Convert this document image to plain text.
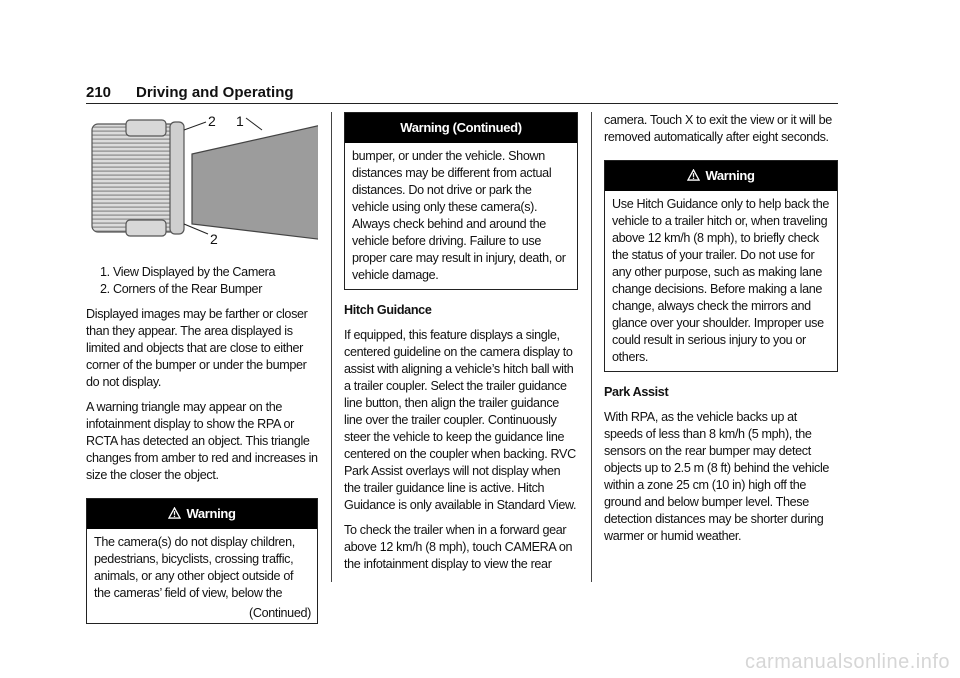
210 Driving and Operating
2 1
2
1. View Displayed by the Camera
2. Corners of the Rear Bumper

Displayed images may be farther or closer than they appear. The area displayed is limited and objects that are close to either corner of the bumper or under the bumper do not display.

A warning triangle may appear on the infotainment display to show the RPA or RCTA has detected an object. This triangle changes from amber to red and increases in size the closer the object.

Warning
The camera(s) do not display children, pedestrians, bicyclists, crossing traffic, animals, or any other object outside of the cameras’ field of view, below the
(Continued)
Warning (Continued)
bumper, or under the vehicle. Shown distances may be different from actual distances. Do not drive or park the vehicle using only these camera(s). Always check behind and around the vehicle before driving. Failure to use proper care may result in injury, death, or vehicle damage.
Hitch Guidance

If equipped, this feature displays a single, centered guideline on the camera display to assist with aligning a vehicle’s hitch ball with a trailer coupler. Select the trailer guidance line button, then align the trailer guidance line over the trailer coupler. Continuously steer the vehicle to keep the guidance line centered on the coupler when backing. RVC Park Assist overlays will not display when the trailer guidance line is active. Hitch Guidance is only available in Standard View.

To check the trailer when in a forward gear above 12 km/h (8 mph), touch CAMERA on the infotainment display to view the rear

camera. Touch X to exit the view or it will be removed automatically after eight seconds.

Warning
Use Hitch Guidance only to help back the vehicle to a trailer hitch or, when traveling above 12 km/h (8 mph), to briefly check the status of your trailer. Do not use for any other purpose, such as making lane change decisions. Before making a lane change, always check the mirrors and glance over your shoulder. Improper use could result in serious injury to you or others.
Park Assist

With RPA, as the vehicle backs up at speeds of less than 8 km/h (5 mph), the sensors on the rear bumper may detect objects up to 2.5 m (8 ft) behind the vehicle within a zone 25 cm (10 in) high off the ground and below bumper level. These detection distances may be shorter during warmer or humid weather.

carmanualsonline.info
